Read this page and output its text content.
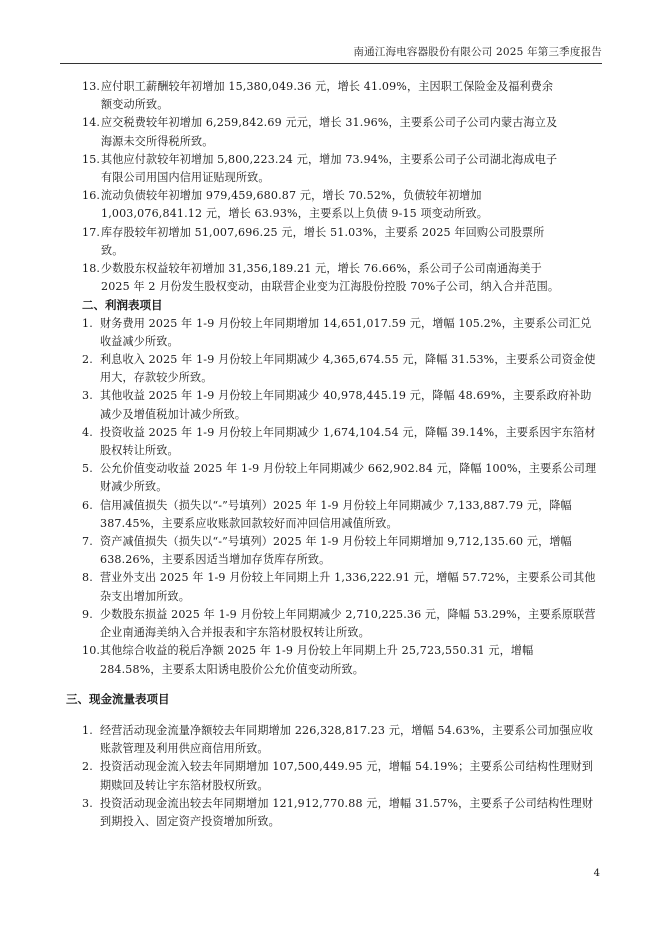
南通江海电容器股份有限公司 2025 年第三季度报告
13. 应付职工薪酬较年初增加 15,380,049.36 元，增长 41.09%，主因职工保险金及福利费余额变动所致。
14. 应交税费较年初增加 6,259,842.69 元元，增长 31.96%，主要系公司子公司内蒙古海立及海源未交所得税所致。
15. 其他应付款较年初增加 5,800,223.24 元，增加 73.94%，主要系公司子公司湖北海成电子有限公司用国内信用证贴现所致。
16. 流动负债较年初增加 979,459,680.87 元，增长 70.52%，负债较年初增加 1,003,076,841.12 元，增长 63.93%，主要系以上负债 9-15 项变动所致。
17. 库存股较年初增加 51,007,696.25 元，增长 51.03%，主要系 2025 年回购公司股票所致。
18. 少数股东权益较年初增加 31,356,189.21 元，增长 76.66%，系公司子公司南通海美于 2025 年 2 月份发生股权变动，由联营企业变为江海股份控股 70%子公司，纳入合并范围。
二、利润表项目
1. 财务费用 2025 年 1-9 月份较上年同期增加 14,651,017.59 元，增幅 105.2%，主要系公司汇兑收益减少所致。
2. 利息收入 2025 年 1-9 月份较上年同期减少 4,365,674.55 元，降幅 31.53%，主要系公司资金使用大，存款较少所致。
3. 其他收益 2025 年 1-9 月份较上年同期减少 40,978,445.19 元，降幅 48.69%，主要系政府补助减少及增值税加计减少所致。
4. 投资收益 2025 年 1-9 月份较上年同期减少 1,674,104.54 元，降幅 39.14%，主要系因宇东箔材股权转让所致。
5. 公允价值变动收益 2025 年 1-9 月份较上年同期减少 662,902.84 元，降幅 100%，主要系公司理财减少所致。
6. 信用减值损失（损失以“-”号填列）2025 年 1-9 月份较上年同期减少 7,133,887.79 元，降幅 387.45%，主要系应收账款回款较好而冲回信用减值所致。
7. 资产减值损失（损失以“-”号填列）2025 年 1-9 月份较上年同期增加 9,712,135.60 元，增幅 638.26%，主要系因适当增加存货库存所致。
8. 营业外支出 2025 年 1-9 月份较上年同期上升 1,336,222.91 元，增幅 57.72%，主要系公司其他杂支出增加所致。
9. 少数股东损益 2025 年 1-9 月份较上年同期减少 2,710,225.36 元，降幅 53.29%，主要系原联营企业南通海美纳入合并报表和宇东箔材股权转让所致。
10. 其他综合收益的税后净额 2025 年 1-9 月份较上年同期上升 25,723,550.31 元，增幅 284.58%，主要系太阳诱电股价公允价值变动所致。
三、现金流量表项目
1. 经营活动现金流量净额较去年同期增加 226,328,817.23 元，增幅 54.63%，主要系公司加强应收账款管理及利用供应商信用所致。
2. 投资活动现金流入较去年同期增加 107,500,449.95 元，增幅 54.19%；主要系公司结构性理财到期赎回及转让宇东箔材股权所致。
3. 投资活动现金流出较去年同期增加 121,912,770.88 元，增幅 31.57%，主要系子公司结构性理财到期投入、固定资产投资增加所致。
4
